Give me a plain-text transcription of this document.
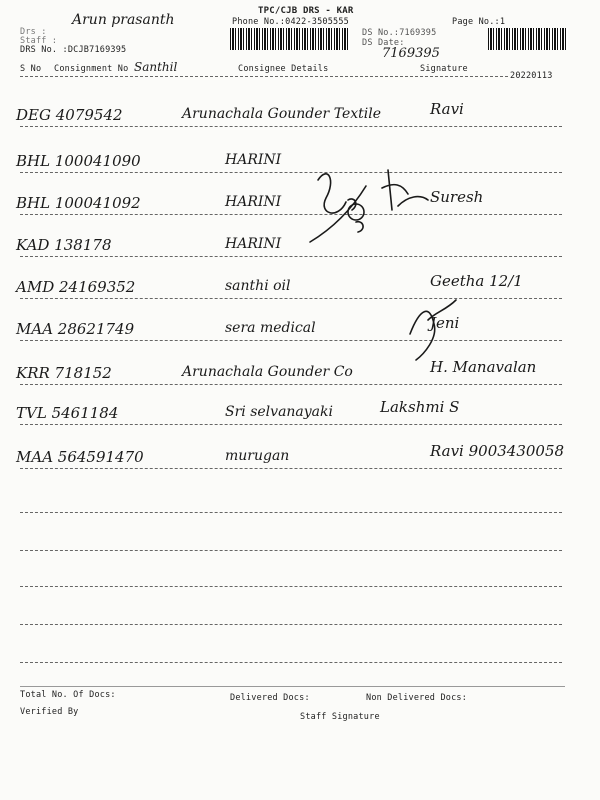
Arun prasanth
TPC/CJB DRS - KAR
Phone No.:0422-3505555	Page No.:1
Drs :
Staff :
DRS No. :DCJB7169395
DS No.:7169395
DS Date:
7169395
S No Consignment No Santhil	Consignee Details	Signature
20220113
DEG 4079542	Arunachala Gounder Textile	Ravi
BHL 100041090	HARINI
BHL 100041092	HARINI	Suresh
KAD 138178	HARINI
AMD 24169352	santhi oil	Geetha 12/1
MAA 28621749	sera medical	Jeni
KRR 718152	Arunachala Gounder Co	H. Manavalan
TVL 5461184	Sri selvanayaki	Lakshmi S
MAA 564591470	murugan	Ravi 9003430058
Total No. Of Docs:	Delivered Docs:	Non Delivered Docs:
Verified By	Staff Signature
